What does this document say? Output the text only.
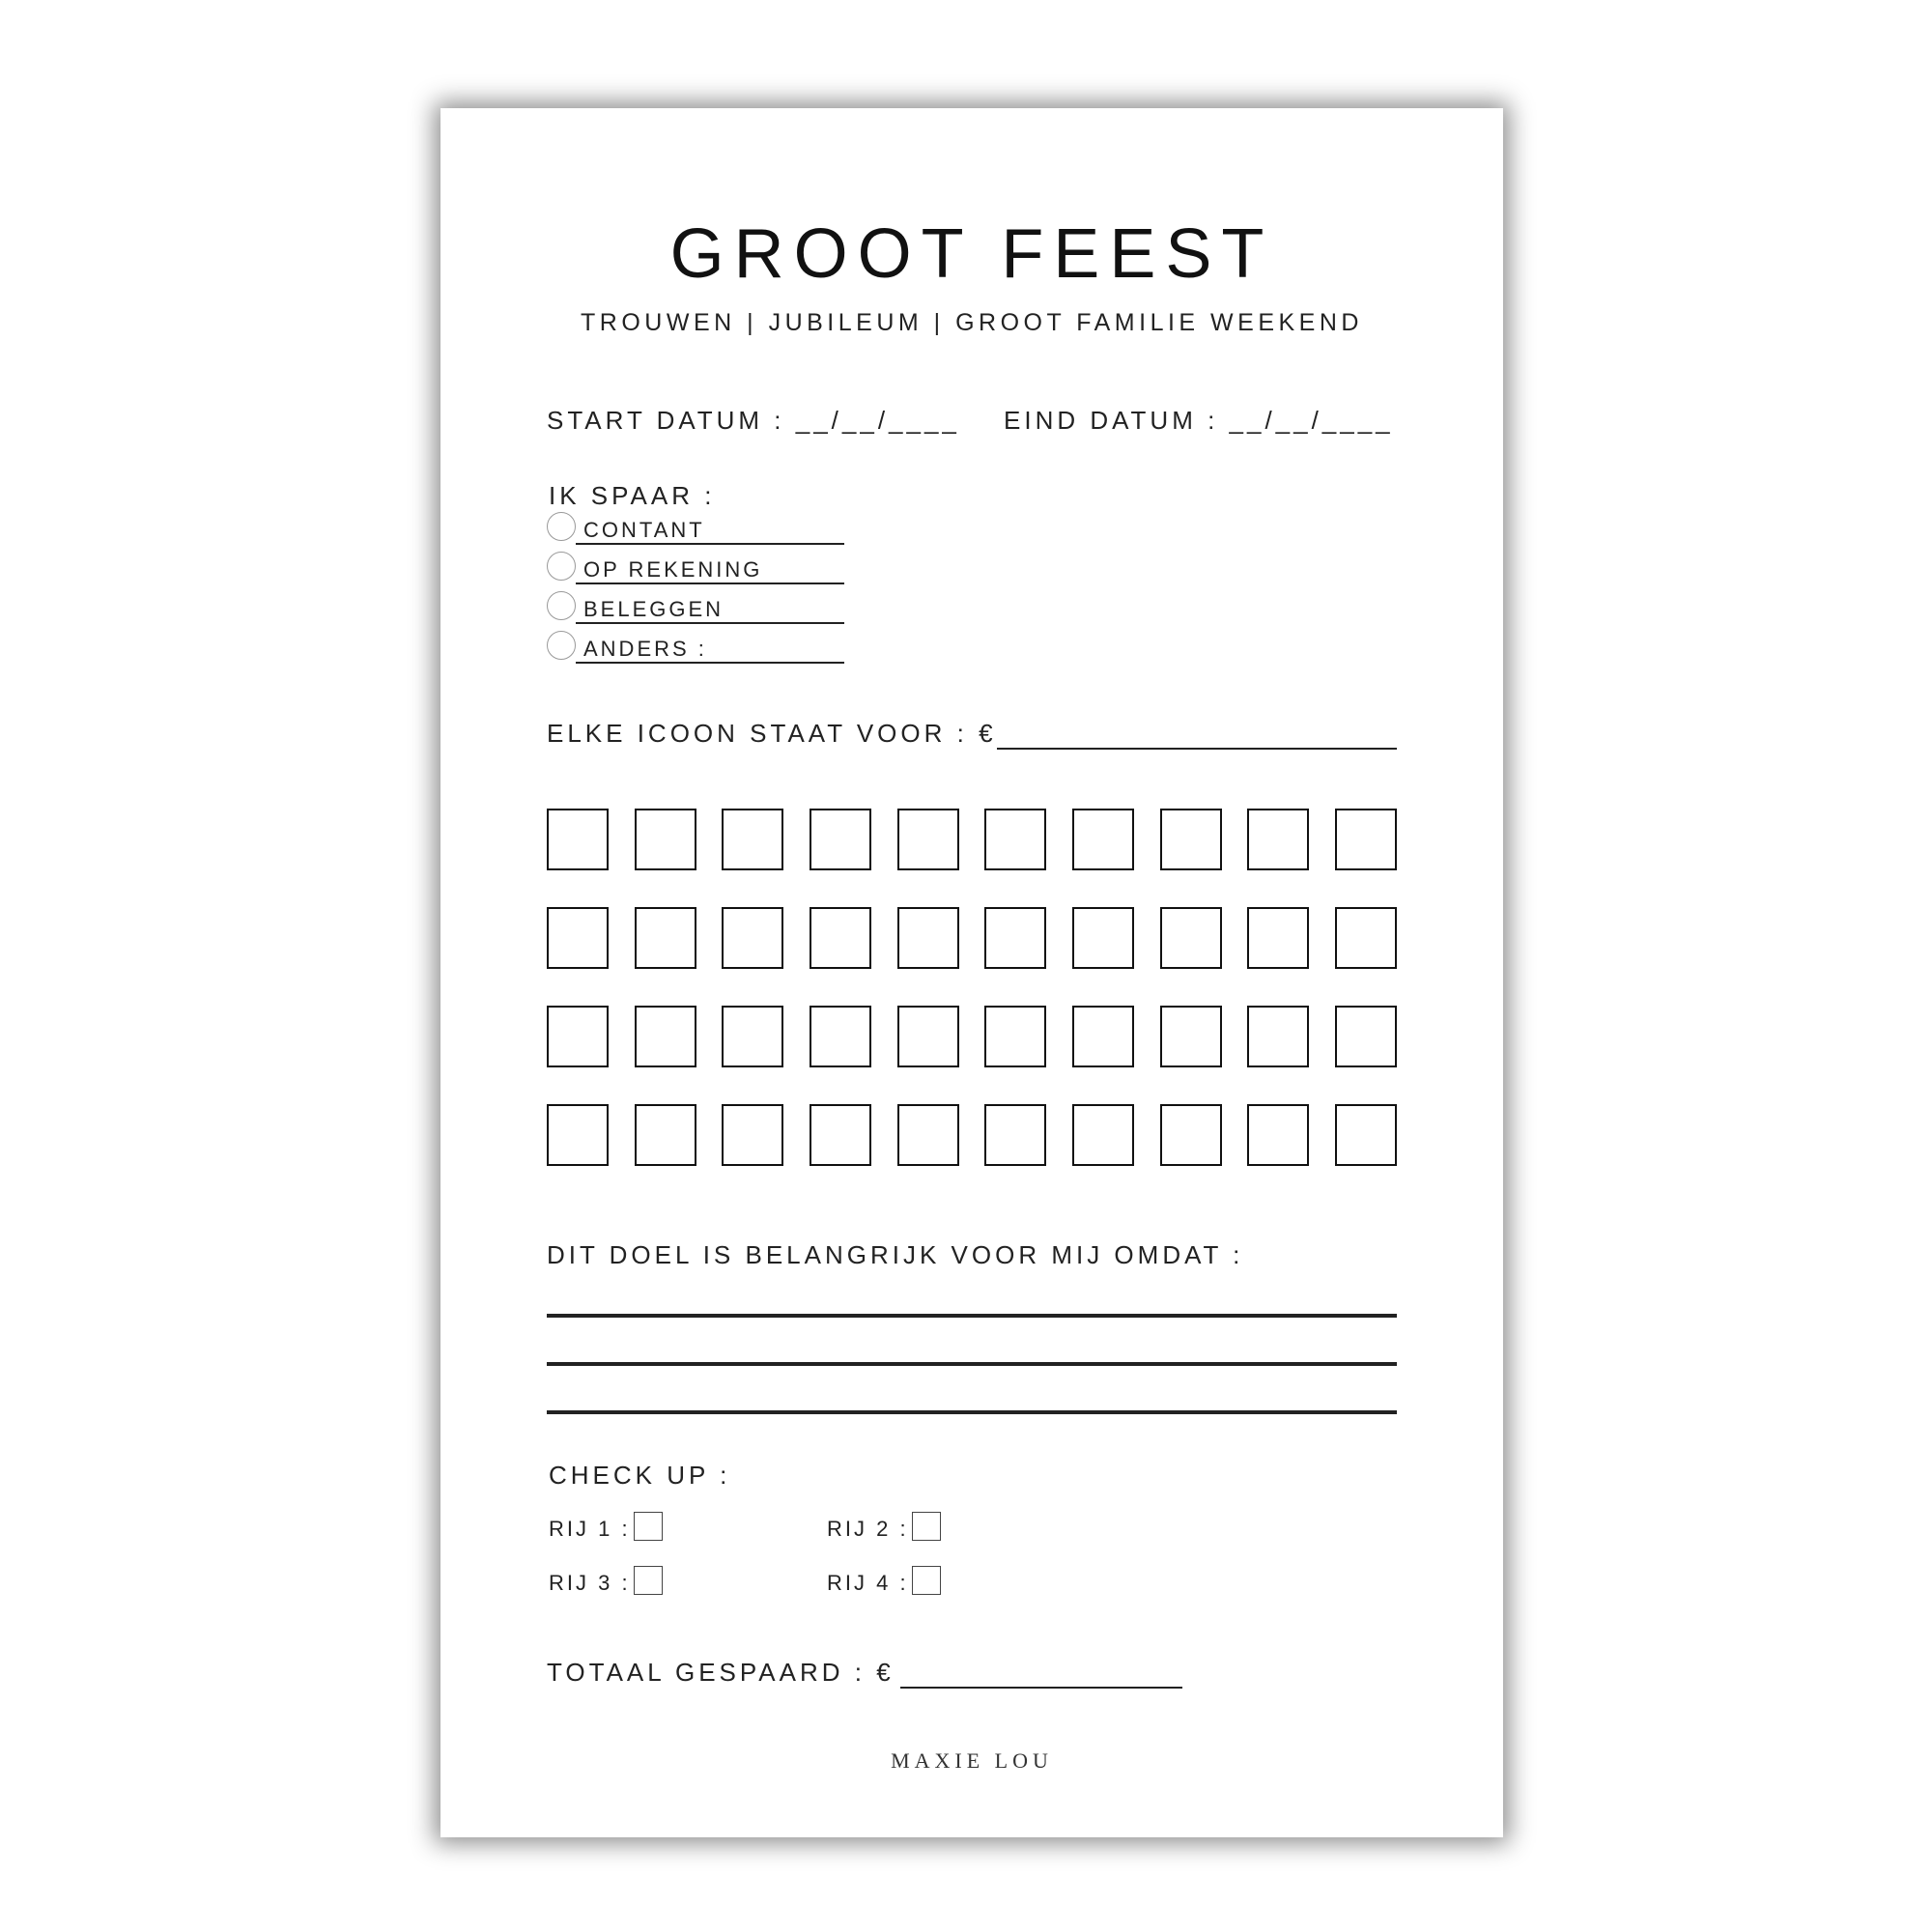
GROOT FEEST
TROUWEN | JUBILEUM | GROOT FAMILIE WEEKEND
START DATUM : __/__/____ EIND DATUM : __/__/____
IK SPAAR :
CONTANT
OP REKENING
BELEGGEN
ANDERS :
ELKE ICOON STAAT VOOR : €
DIT DOEL IS BELANGRIJK VOOR MIJ OMDAT :
CHECK UP :
RIJ 1 :	RIJ 2 :
RIJ 3 :	RIJ 4 :
TOTAAL GESPAARD : €
MAXIE LOU
